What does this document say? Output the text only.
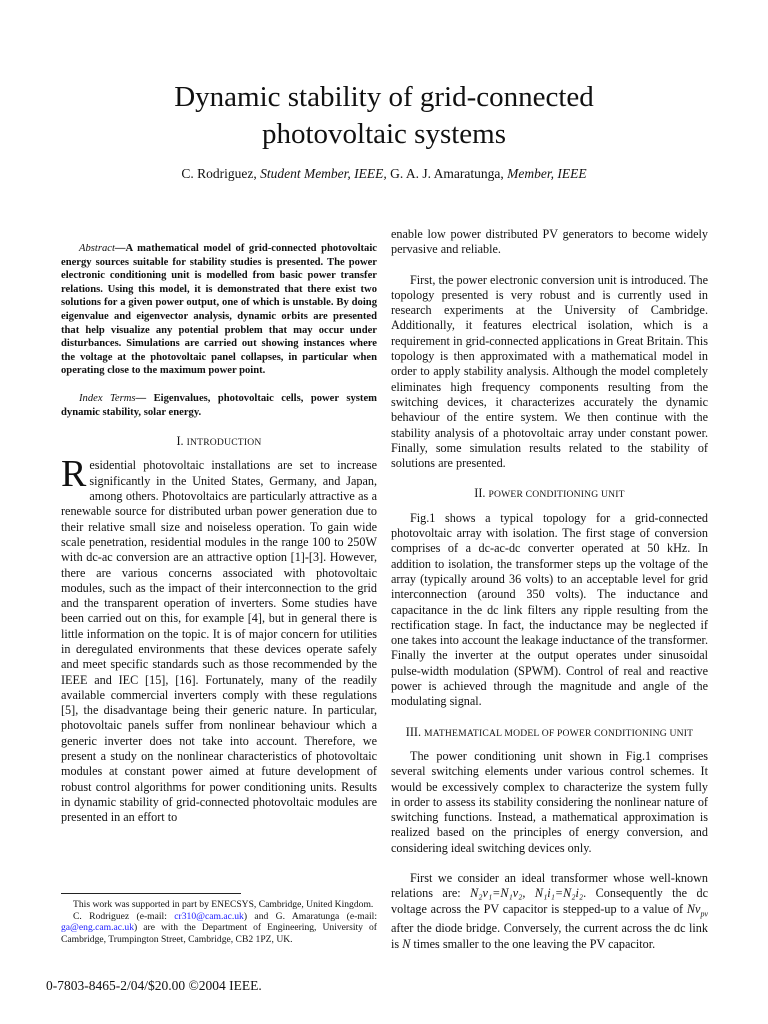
Dynamic stability of grid-connected
photovoltaic systems
C. Rodriguez, Student Member, IEEE, G. A. J. Amaratunga, Member, IEEE

Abstract—A mathematical model of grid-connected photovoltaic energy sources suitable for stability studies is presented. The power electronic conditioning unit is modelled from basic power transfer relations. Using this model, it is demonstrated that there exist two solutions for a given power output, one of which is unstable. By doing eigenvalue and eigenvector analysis, dynamic orbits are presented that help visualize any potential problem that may occur under disturbances. Simulations are carried out showing instances where the voltage at the photovoltaic panel collapses, in particular when operating close to the maximum power point.

Index Terms— Eigenvalues, photovoltaic cells, power system dynamic stability, solar energy.

I. INTRODUCTION

Residential photovoltaic installations are set to increase significantly in the United States, Germany, and Japan, among others. Photovoltaics are particularly attractive as a renewable source for distributed urban power generation due to their relative small size and noiseless operation. To gain wide scale penetration, residential modules in the range 100 to 250W with dc-ac conversion are an attractive option [1]-[3]. However, there are various concerns associated with photovoltaic modules, such as the impact of their interconnection to the grid and the transparent operation of inverters. Some studies have been carried out on this, for example [4], but in general there is little information on the topic. It is of major concern for utilities in deregulated environments that these devices operate safely and meet specific standards such as those recommended by the IEEE and IEC [15], [16]. Fortunately, many of the readily available commercial inverters comply with these regulations [5], the disadvantage being their generic nature. In particular, photovoltaic panels suffer from nonlinear behaviour which a generic inverter does not take into account. Therefore, we present a study on the nonlinear characteristics of photovoltaic modules at constant power aimed at future development of robust control algorithms for power conditioning units. Results in dynamic stability of grid-connected photovoltaic modules are presented in an effort to

enable low power distributed PV generators to become widely pervasive and reliable.

First, the power electronic conversion unit is introduced. The topology presented is very robust and is currently used in research experiments at the University of Cambridge. Additionally, it features electrical isolation, which is a requirement in grid-connected applications in Great Britain. This topology is then approximated with a mathematical model in order to apply stability analysis. Although the model completely eliminates high frequency components resulting from the switching devices, it characterizes accurately the dynamic behaviour of the entire system. We then continue with the stability analysis of a photovoltaic array under constant power. Finally, some simulation results related to the stability of solutions are presented.

II. POWER CONDITIONING UNIT

Fig.1 shows a typical topology for a grid-connected photovoltaic array with isolation. The first stage of conversion comprises of a dc-ac-dc converter operated at 50 kHz. In addition to isolation, the transformer steps up the voltage of the array (typically around 36 volts) to an acceptable level for grid interconnection (around 350 volts). The inductance and capacitance in the dc link filters any ripple resulting from the rectification stage. In fact, the inductance may be neglected if one takes into account the leakage inductance of the transformer. Finally the inverter at the output operates under sinusoidal pulse-width modulation (SPWM). Control of real and reactive power is achieved through the magnitude and angle of the modulating signal.

III. MATHEMATICAL MODEL OF POWER CONDITIONING UNIT

The power conditioning unit shown in Fig.1 comprises several switching elements under various control schemes. It would be excessively complex to characterize the system fully in order to assess its stability considering the nonlinear nature of switching functions. Instead, a mathematical approximation is realized based on the principles of energy conversion, and considering ideal switching devices only.

First we consider an ideal transformer whose well-known relations are: N₂v₁=N₁v₂, N₁i₁=N₂i₂. Consequently the dc voltage across the PV capacitor is stepped-up to a value of $Nv_{pv}$ after the diode bridge. Conversely, the current across the dc link is N times smaller to the one leaving the PV capacitor.

This work was supported in part by ENECSYS, Cambridge, United Kingdom.

C. Rodriguez (e-mail: cr310@cam.ac.uk) and G. Amaratunga (e-mail: ga@eng.cam.ac.uk) are with the Department of Engineering, University of Cambridge, Trumpington Street, Cambridge, CB2 1PZ, UK.

0-7803-8465-2/04/$20.00 ©2004 IEEE.
